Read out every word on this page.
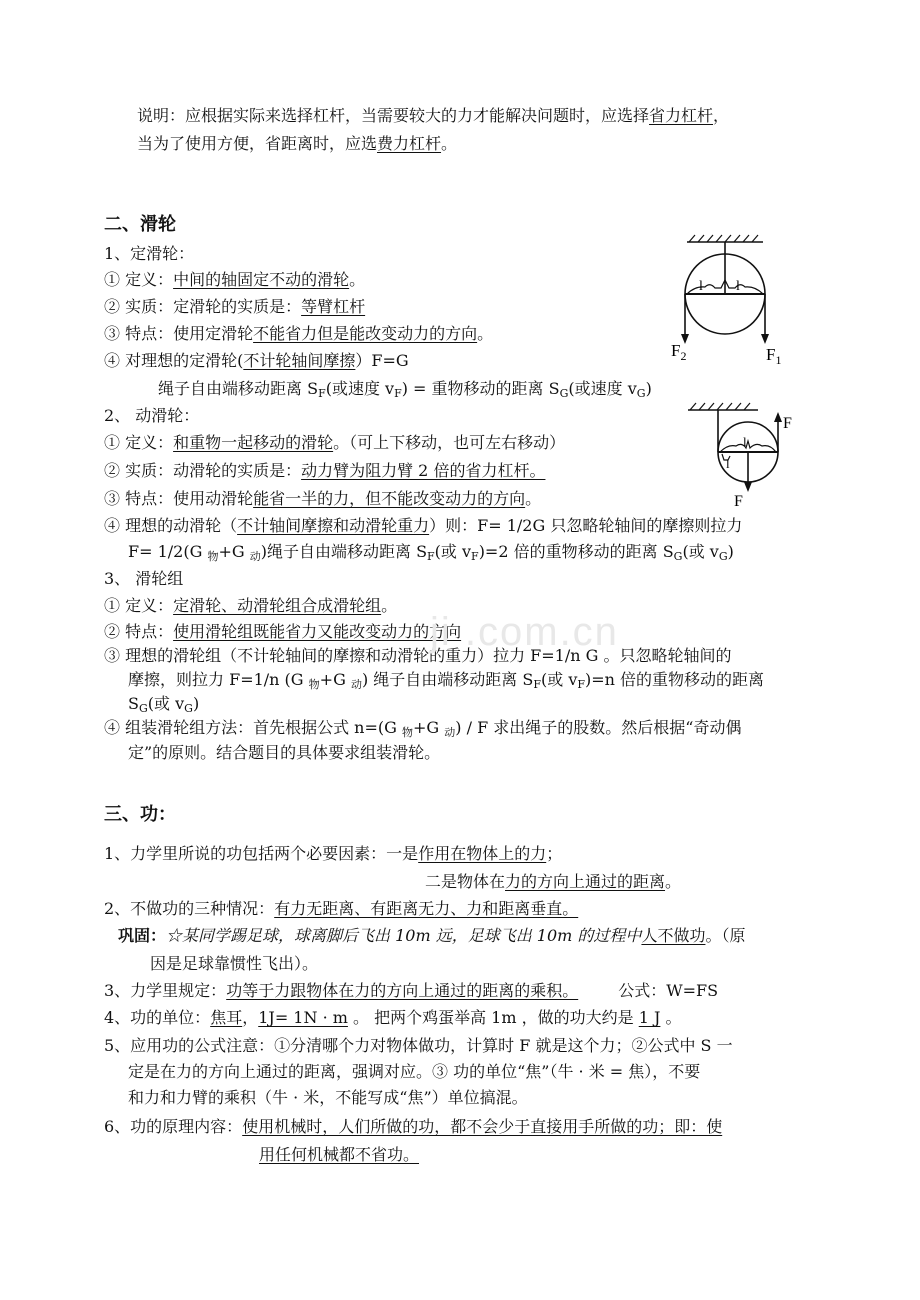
说明：应根据实际来选择杠杆，当需要较大的力才能解决问题时，应选择省力杠杆，
当为了使用方便，省距离时，应选费力杠杆。
二、滑轮
1、定滑轮：
① 定义：中间的轴固定不动的滑轮。
② 实质：定滑轮的实质是：等臂杠杆
③ 特点：使用定滑轮不能省力但是能改变动力的方向。
④ 对理想的定滑轮(不计轮轴间摩擦）F=G
绳子自由端移动距离 $S_F$(或速度 $v_F$) = 重物移动的距离 $S_G$(或速度 $v_G$)
2、 动滑轮：
① 定义：和重物一起移动的滑轮。（可上下移动，也可左右移动）
② 实质：动滑轮的实质是：动力臂为阻力臂 2 倍的省力杠杆。
③ 特点：使用动滑轮能省一半的力，但不能改变动力的方向。
④ 理想的动滑轮（不计轴间摩擦和动滑轮重力）则：F= 1/2G 只忽略轮轴间的摩擦则拉力
F= 1/2(G $_物$+G $_动$)绳子自由端移动距离 $S_F$(或 $v_F)=2$ 倍的重物移动的距离 $S_G$(或 $v_G$)
3、 滑轮组
① 定义：定滑轮、动滑轮组合成滑轮组。
② 特点：使用滑轮组既能省力又能改变动力的方向
③ 理想的滑轮组（不计轮轴间的摩擦和动滑轮的重力）拉力 F=1/n G 。只忽略轮轴间的
摩擦，则拉力 F=1/n (G $_物$+G $_动$) 绳子自由端移动距离 $S_F$(或 $v_F)=n$ 倍的重物移动的距离
$S_G$(或 $v_G$)
④ 组装滑轮组方法：首先根据公式 n=(G $_物$+G $_动$) / F 求出绳子的股数。然后根据“奇动偶
定”的原则。结合题目的具体要求组装滑轮。
三、功：
1、力学里所说的功包括两个必要因素：一是作用在物体上的力；
二是物体在力的方向上通过的距离。
2、不做功的三种情况：有力无距离、有距离无力、力和距离垂直。
巩固：☆某同学踢足球，球离脚后飞出 10m 远，足球飞出 10m 的过程中人不做功。（原
因是足球靠惯性飞出）。
3、力学里规定：功等于力跟物体在力的方向上通过的距离的乘积。	公式：W=FS
4、功的单位：焦耳，1J= 1N · m 。 把两个鸡蛋举高 1m ，做的功大约是 1 J 。
5、应用功的公式注意：①分清哪个力对物体做功，计算时 F 就是这个力；②公式中 S 一
定是在力的方向上通过的距离，强调对应。③ 功的单位“焦”（牛 · 米 = 焦），不要
和力和力臂的乘积（牛 · 米，不能写成“焦”）单位搞混。
6、功的原理内容：使用机械时，人们所做的功，都不会少于直接用手所做的功；即：使
用任何机械都不省功。
ji .com.cn
l l
$F_2$	$F_1$
l
l
F
F
